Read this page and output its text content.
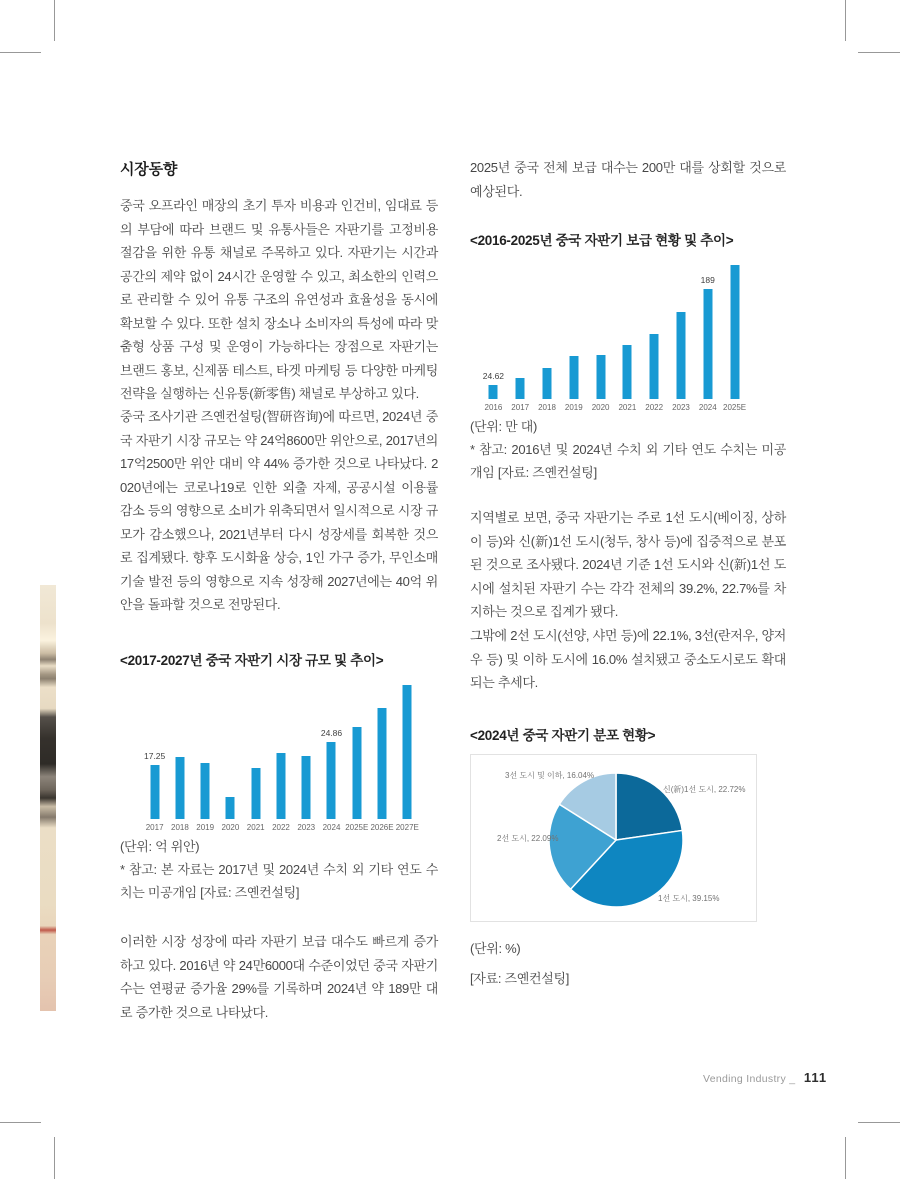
시장동향

중국 오프라인 매장의 초기 투자 비용과 인건비, 임대료 등의 부담에 따라 브랜드 및 유통사들은 자판기를 고정비용 절감을 위한 유통 채널로 주목하고 있다. 자판기는 시간과 공간의 제약 없이 24시간 운영할 수 있고, 최소한의 인력으로 관리할 수 있어 유통 구조의 유연성과 효율성을 동시에 확보할 수 있다. 또한 설치 장소나 소비자의 특성에 따라 맞춤형 상품 구성 및 운영이 가능하다는 장점으로 자판기는 브랜드 홍보, 신제품 테스트, 타겟 마케팅 등 다양한 마케팅 전략을 실행하는 신유통(新零售) 채널로 부상하고 있다.

중국 조사기관 즈옌컨설팅(智研咨询)에 따르면, 2024년 중국 자판기 시장 규모는 약 24억8600만 위안으로, 2017년의 17억2500만 위안 대비 약 44% 증가한 것으로 나타났다. 2020년에는 코로나19로 인한 외출 자제, 공공시설 이용률 감소 등의 영향으로 소비가 위축되면서 일시적으로 시장 규모가 감소했으나, 2021년부터 다시 성장세를 회복한 것으로 집계됐다. 향후 도시화율 상승, 1인 가구 증가, 무인소매 기술 발전 등의 영향으로 지속 성장해 2027년에는 40억 위안을 돌파할 것으로 전망된다.

<2017-2027년 중국 자판기 시장 규모 및 추이>

17.25
2017 2018 2019 2020 2021 2022 2023
24.86
2024 2025E 2026E 2027E

(단위: 억 위안)

* 참고: 본 자료는 2017년 및 2024년 수치 외 기타 연도 수치는 미공개임 [자료: 즈옌컨설팅]

이러한 시장 성장에 따라 자판기 보급 대수도 빠르게 증가하고 있다. 2016년 약 24만6000대 수준이었던 중국 자판기 수는 연평균 증가율 29%를 기록하며 2024년 약 189만 대로 증가한 것으로 나타났다.

2025년 중국 전체 보급 대수는 200만 대를 상회할 것으로 예상된다.

<2016-2025년 중국 자판기 보급 현황 및 추이>

24.62
2016	2017	2018	2019	2020	2021	2022	2023
189
2024 2025E

(단위: 만 대)

* 참고: 2016년 및 2024년 수치 외 기타 연도 수치는 미공개임 [자료: 즈옌컨설팅]

지역별로 보면, 중국 자판기는 주로 1선 도시(베이징, 상하이 등)와 신(新)1선 도시(청두, 창사 등)에 집중적으로 분포된 것으로 조사됐다. 2024년 기준 1선 도시와 신(新)1선 도시에 설치된 자판기 수는 각각 전체의 39.2%, 22.7%를 차지하는 것으로 집계가 됐다.

그밖에 2선 도시(선양, 샤먼 등)에 22.1%, 3선(란저우, 양저우 등) 및 이하 도시에 16.0% 설치됐고 중소도시로도 확대되는 추세다.

<2024년 중국 자판기 분포 현황>

3선 도시 및 이하, 16.04%

신(新)1선 도시, 22.72%

2선 도시, 22.09%

1선 도시, 39.15%

(단위: %)

[자료: 즈옌컨설팅]

Vending Industry _ 111
